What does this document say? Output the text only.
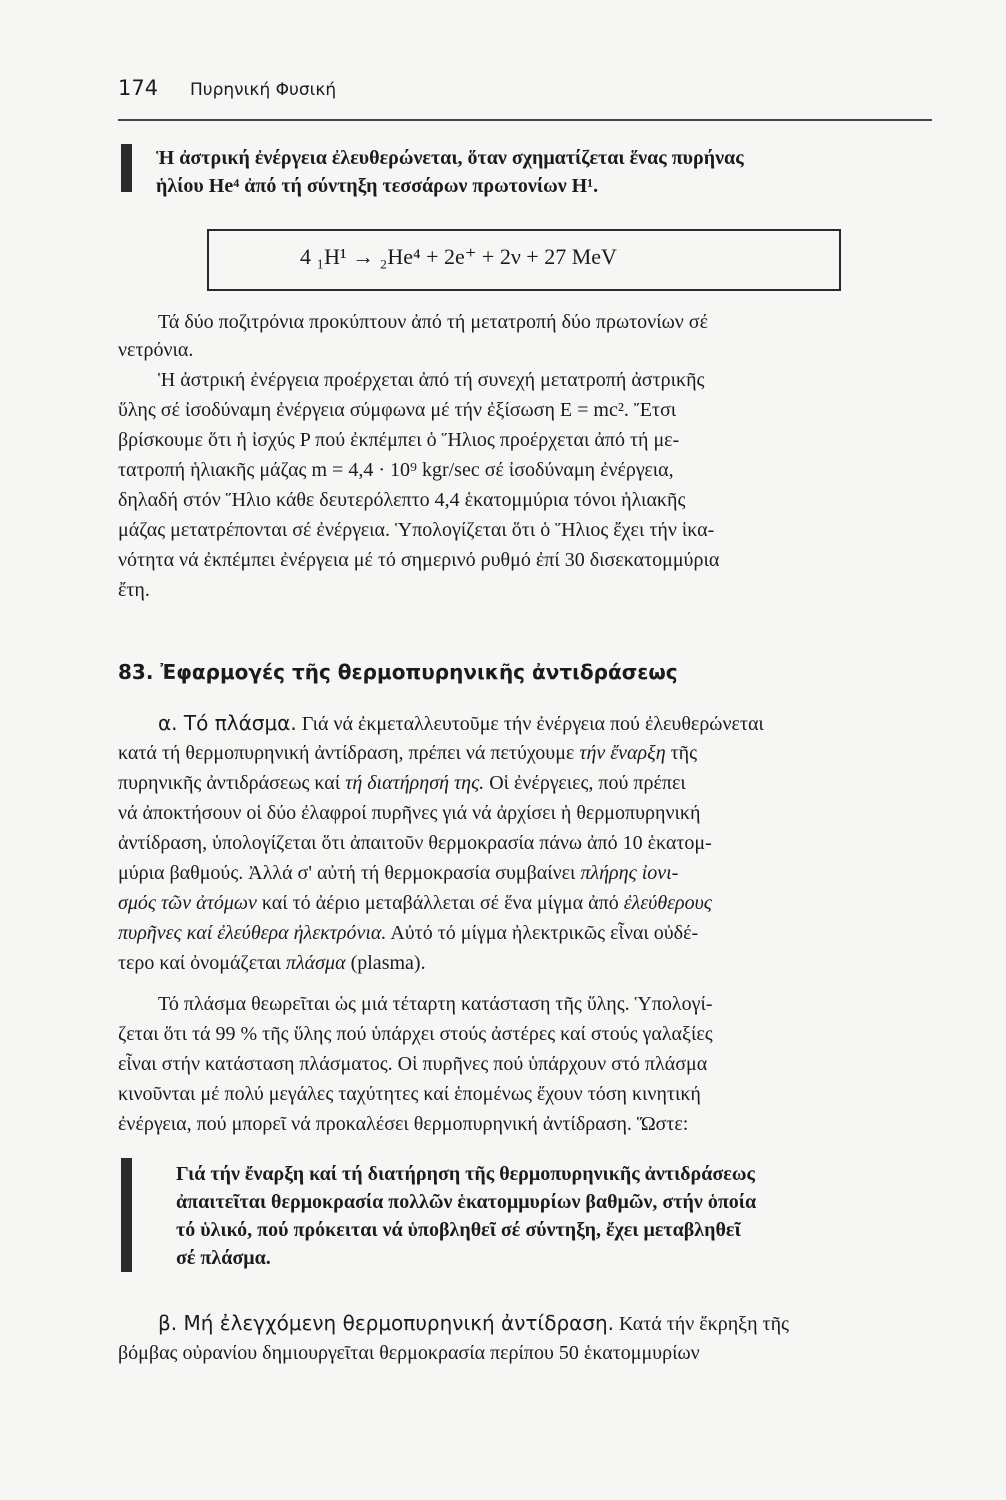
174 Πυρηνική Φυσική
Ἡ ἀστρική ἐνέργεια ἐλευθερώνεται, ὅταν σχηματίζεται ἕνας πυρήνας
ἡλίου He⁴ ἀπό τή σύντηξη τεσσάρων πρωτονίων H¹.
4 ₁H¹ → ₂He⁴ + 2e⁺ + 2ν + 27 MeV
Τά δύο ποζιτρόνια προκύπτουν ἀπό τή μετατροπή δύο πρωτονίων σέ
νετρόνια.
Ἡ ἀστρική ἐνέργεια προέρχεται ἀπό τή συνεχή μετατροπή ἀστρικῆς
ὕλης σέ ἰσοδύναμη ἐνέργεια σύμφωνα μέ τήν ἐξίσωση E = mc². Ἔτσι
βρίσκουμε ὅτι ἡ ἰσχύς P πού ἐκπέμπει ὁ Ἥλιος προέρχεται ἀπό τή με-
τατροπή ἡλιακῆς μάζας m = 4,4 · 10⁹ kgr/sec σέ ἰσοδύναμη ἐνέργεια,
δηλαδή στόν Ἥλιο κάθε δευτερόλεπτο 4,4 ἑκατομμύρια τόνοι ἡλιακῆς
μάζας μετατρέπονται σέ ἐνέργεια. Ὑπολογίζεται ὅτι ὁ Ἥλιος ἔχει τήν ἱκα-
νότητα νά ἐκπέμπει ἐνέργεια μέ τό σημερινό ρυθμό ἐπί 30 δισεκατομμύρια
ἔτη.
83. Ἐφαρμογές τῆς θερμοπυρηνικῆς ἀντιδράσεως
α. Τό πλάσμα. Γιά νά ἐκμεταλλευτοῦμε τήν ἐνέργεια πού ἐλευθερώνεται
κατά τή θερμοπυρηνική ἀντίδραση, πρέπει νά πετύχουμε τήν ἔναρξη τῆς
πυρηνικῆς ἀντιδράσεως καί τή διατήρησή της. Οἱ ἐνέργειες, πού πρέπει
νά ἀποκτήσουν οἱ δύο ἐλαφροί πυρῆνες γιά νά ἀρχίσει ἡ θερμοπυρηνική
ἀντίδραση, ὑπολογίζεται ὅτι ἀπαιτοῦν θερμοκρασία πάνω ἀπό 10 ἑκατομ-
μύρια βαθμούς. Ἀλλά σ' αὐτή τή θερμοκρασία συμβαίνει πλήρης ἰονι-
σμός τῶν ἀτόμων καί τό ἀέριο μεταβάλλεται σέ ἕνα μίγμα ἀπό ἐλεύθερους
πυρῆνες καί ἐλεύθερα ἠλεκτρόνια. Αὐτό τό μίγμα ἠλεκτρικῶς εἶναι οὐδέ-
τερο καί ὀνομάζεται πλάσμα (plasma).
Τό πλάσμα θεωρεῖται ὡς μιά τέταρτη κατάσταση τῆς ὕλης. Ὑπολογί-
ζεται ὅτι τά 99 % τῆς ὕλης πού ὑπάρχει στούς ἀστέρες καί στούς γαλαξίες
εἶναι στήν κατάσταση πλάσματος. Οἱ πυρῆνες πού ὑπάρχουν στό πλάσμα
κινοῦνται μέ πολύ μεγάλες ταχύτητες καί ἑπομένως ἔχουν τόση κινητική
ἐνέργεια, πού μπορεῖ νά προκαλέσει θερμοπυρηνική ἀντίδραση. Ὥστε:
Γιά τήν ἔναρξη καί τή διατήρηση τῆς θερμοπυρηνικῆς ἀντιδράσεως
ἀπαιτεῖται θερμοκρασία πολλῶν ἑκατομμυρίων βαθμῶν, στήν ὁποία
τό ὑλικό, πού πρόκειται νά ὑποβληθεῖ σέ σύντηξη, ἔχει μεταβληθεῖ
σέ πλάσμα.
β. Μή ἐλεγχόμενη θερμοπυρηνική ἀντίδραση. Κατά τήν ἔκρηξη τῆς
βόμβας οὐρανίου δημιουργεῖται θερμοκρασία περίπου 50 ἑκατομμυρίων
